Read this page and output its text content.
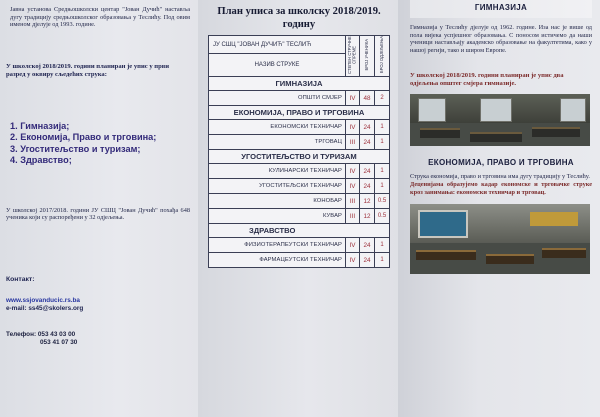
Јавна установа Средњошколски центар "Јован Дучић" наставља дугу традицију средњошколског образовања у Теслићу. Под овим именом дјелује од 1993. године.
У школској 2018/2019. години планиран је упис у први разред у оквиру сљедећих струка:
1. Гимназија;
2. Економија, Право и трговина;
3. Угоститељство и туризам;
4. Здравство;
У школској 2017/2018. години ЈУ СШЦ "Јован Дучић" похађа 648 ученика који су распоређени у 32 одјељења.
Контакт:
www.ssjovanducic.rs.ba
e-mail: ss45@skolers.org
Телефон: 053 43 03 00
053 41 07 30
План уписа за школску 2018/2019. годину
ЈУ СШЦ "ЈОВАН ДУЧИЋ" ТЕСЛИЋ	СТЕПЕН СТРУЧНЕ СПРЕМЕ	БРОЈ УЧЕНИКА	БРОЈ ОДЈЕЉЕЊА
НАЗИВ СТРУКЕ			
ГИМНАЗИЈА			
ОПШТИ СМЈЕР	IV	48	2
ЕКОНОМИЈА, ПРАВО И ТРГОВИНА			
ЕКОНОМСКИ ТЕХНИЧАР	IV	24	1
ТРГОВАЦ	III	24	1
УГОСТИТЕЉСТВО И ТУРИЗАМ			
КУЛИНАРСКИ ТЕХНИЧАР	IV	24	1
УГОСТИТЕЉСКИ ТЕХНИЧАР	IV	24	1
КОНОБАР	III	12	0.5
КУВАР	III	12	0.5
ЗДРАВСТВО			
ФИЗИОТЕРАПЕУТСКИ ТЕХНИЧАР	IV	24	1
ФАРМАЦЕУТСКИ ТЕХНИЧАР	IV	24	1
ГИМНАЗИЈА
Гимназија у Теслићу дјелује од 1962. године. Иза нас је више од пола вијека успјешног образовања. С поносом истичемо да наши ученици настављају академско образовање на факултетима, како у нашој регији, тако и широм Европе.
У школској 2018/2019. години планиран је упис два одјељења општег смјера гимназије.
ЕКОНОМИЈА, ПРАВО И ТРГОВИНА
Струка економија, право и трговина има дугу традицију у Теслићу.
Дeцeнијама образујемо кадар економске и трговачке струке кроз занимања: економски техничар и трговац.
